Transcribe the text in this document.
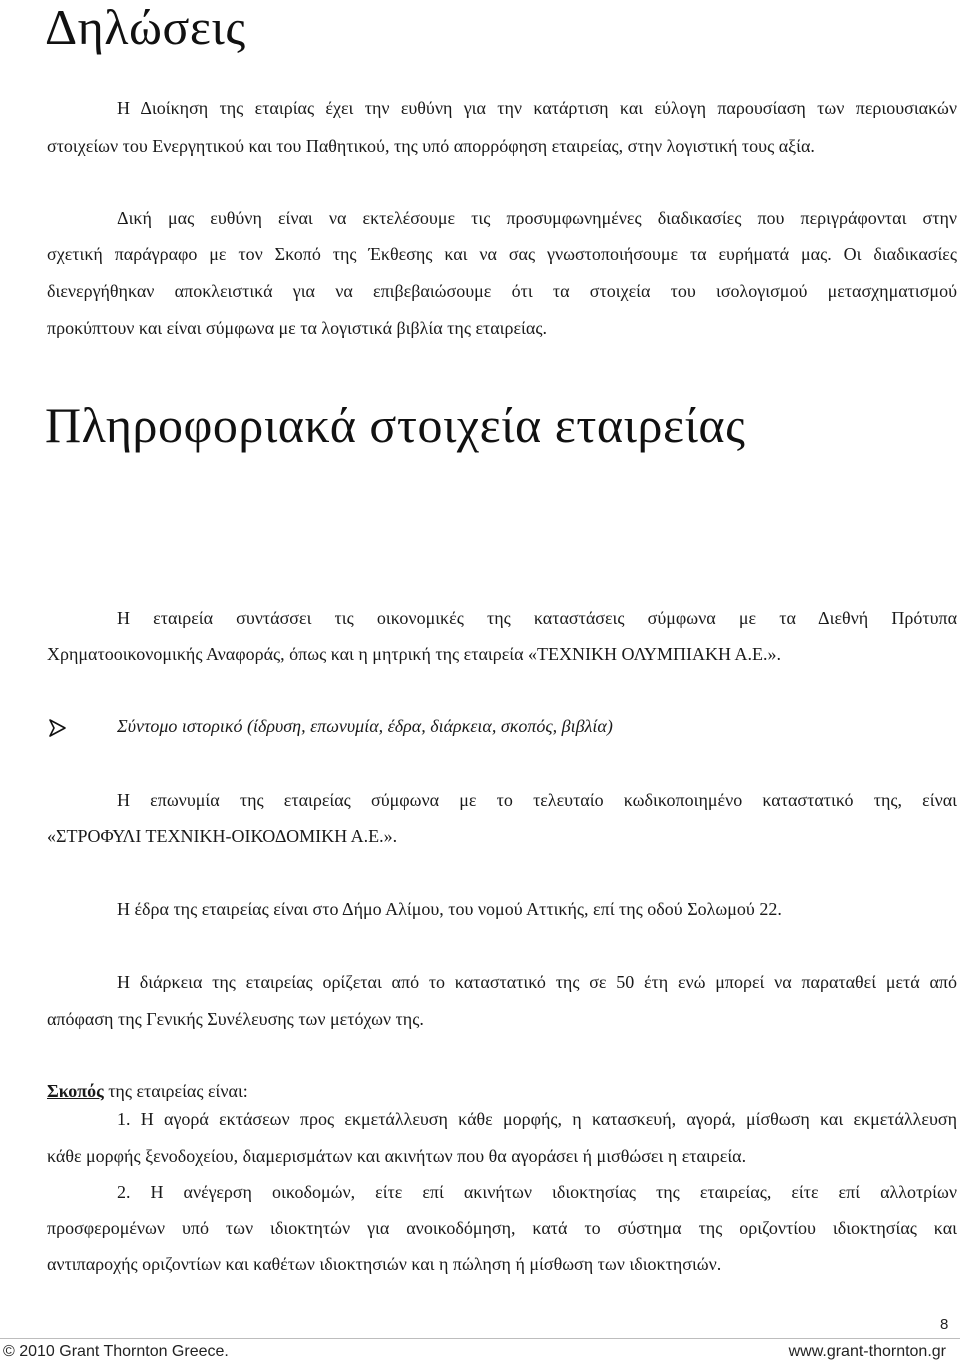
Δηλώσεις
Η Διοίκηση της εταιρίας έχει την ευθύνη για την κατάρτιση και εύλογη παρουσίαση των περιουσιακών
στοιχείων του Ενεργητικού και του Παθητικού, της υπό απορρόφηση εταιρείας, στην λογιστική τους αξία.
Δική μας ευθύνη είναι να εκτελέσουμε τις προσυμφωνημένες διαδικασίες που περιγράφονται στην
σχετική παράγραφο με τον Σκοπό της Έκθεσης και να σας γνωστοποιήσουμε τα ευρήματά μας. Οι διαδικασίες
διενεργήθηκαν αποκλειστικά για να επιβεβαιώσουμε ότι τα στοιχεία του ισολογισμού μετασχηματισμού
προκύπτουν και είναι σύμφωνα με τα λογιστικά βιβλία της εταιρείας.
Πληροφοριακά στοιχεία εταιρείας
Η εταιρεία συντάσσει τις οικονομικές της καταστάσεις σύμφωνα με τα Διεθνή Πρότυπα
Χρηματοοικονομικής Αναφοράς, όπως και η μητρική της εταιρεία «ΤΕΧΝΙΚΗ ΟΛΥΜΠΙΑΚΗ Α.Ε.».
Σύντομο ιστορικό (ίδρυση, επωνυμία, έδρα, διάρκεια, σκοπός, βιβλία)
Η επωνυμία της εταιρείας σύμφωνα με το τελευταίο κωδικοποιημένο καταστατικό της, είναι
«ΣΤΡΟΦΥΛΙ ΤΕΧΝΙΚΗ-ΟΙΚΟΔΟΜΙΚΗ Α.Ε.».
Η έδρα της εταιρείας είναι στο Δήμο Αλίμου, του νομού Αττικής, επί της οδού Σολωμού 22.
Η διάρκεια της εταιρείας ορίζεται από το καταστατικό της σε 50 έτη ενώ μπορεί να παραταθεί μετά από
απόφαση της Γενικής Συνέλευσης των μετόχων της.
Σκοπός της εταιρείας είναι:
1. Η αγορά εκτάσεων προς εκμετάλλευση κάθε μορφής, η κατασκευή, αγορά, μίσθωση και εκμετάλλευση
κάθε μορφής ξενοδοχείου, διαμερισμάτων και ακινήτων που θα αγοράσει ή μισθώσει η εταιρεία.
2. Η ανέγερση οικοδομών, είτε επί ακινήτων ιδιοκτησίας της εταιρείας, είτε επί αλλοτρίων
προσφερομένων υπό των ιδιοκτητών για ανοικοδόμηση, κατά το σύστημα της οριζοντίου ιδιοκτησίας και
αντιπαροχής οριζοντίων και καθέτων ιδιοκτησιών και η πώληση ή μίσθωση των ιδιοκτησιών.
8
© 2010 Grant Thornton Greece.	www.grant-thornton.gr
